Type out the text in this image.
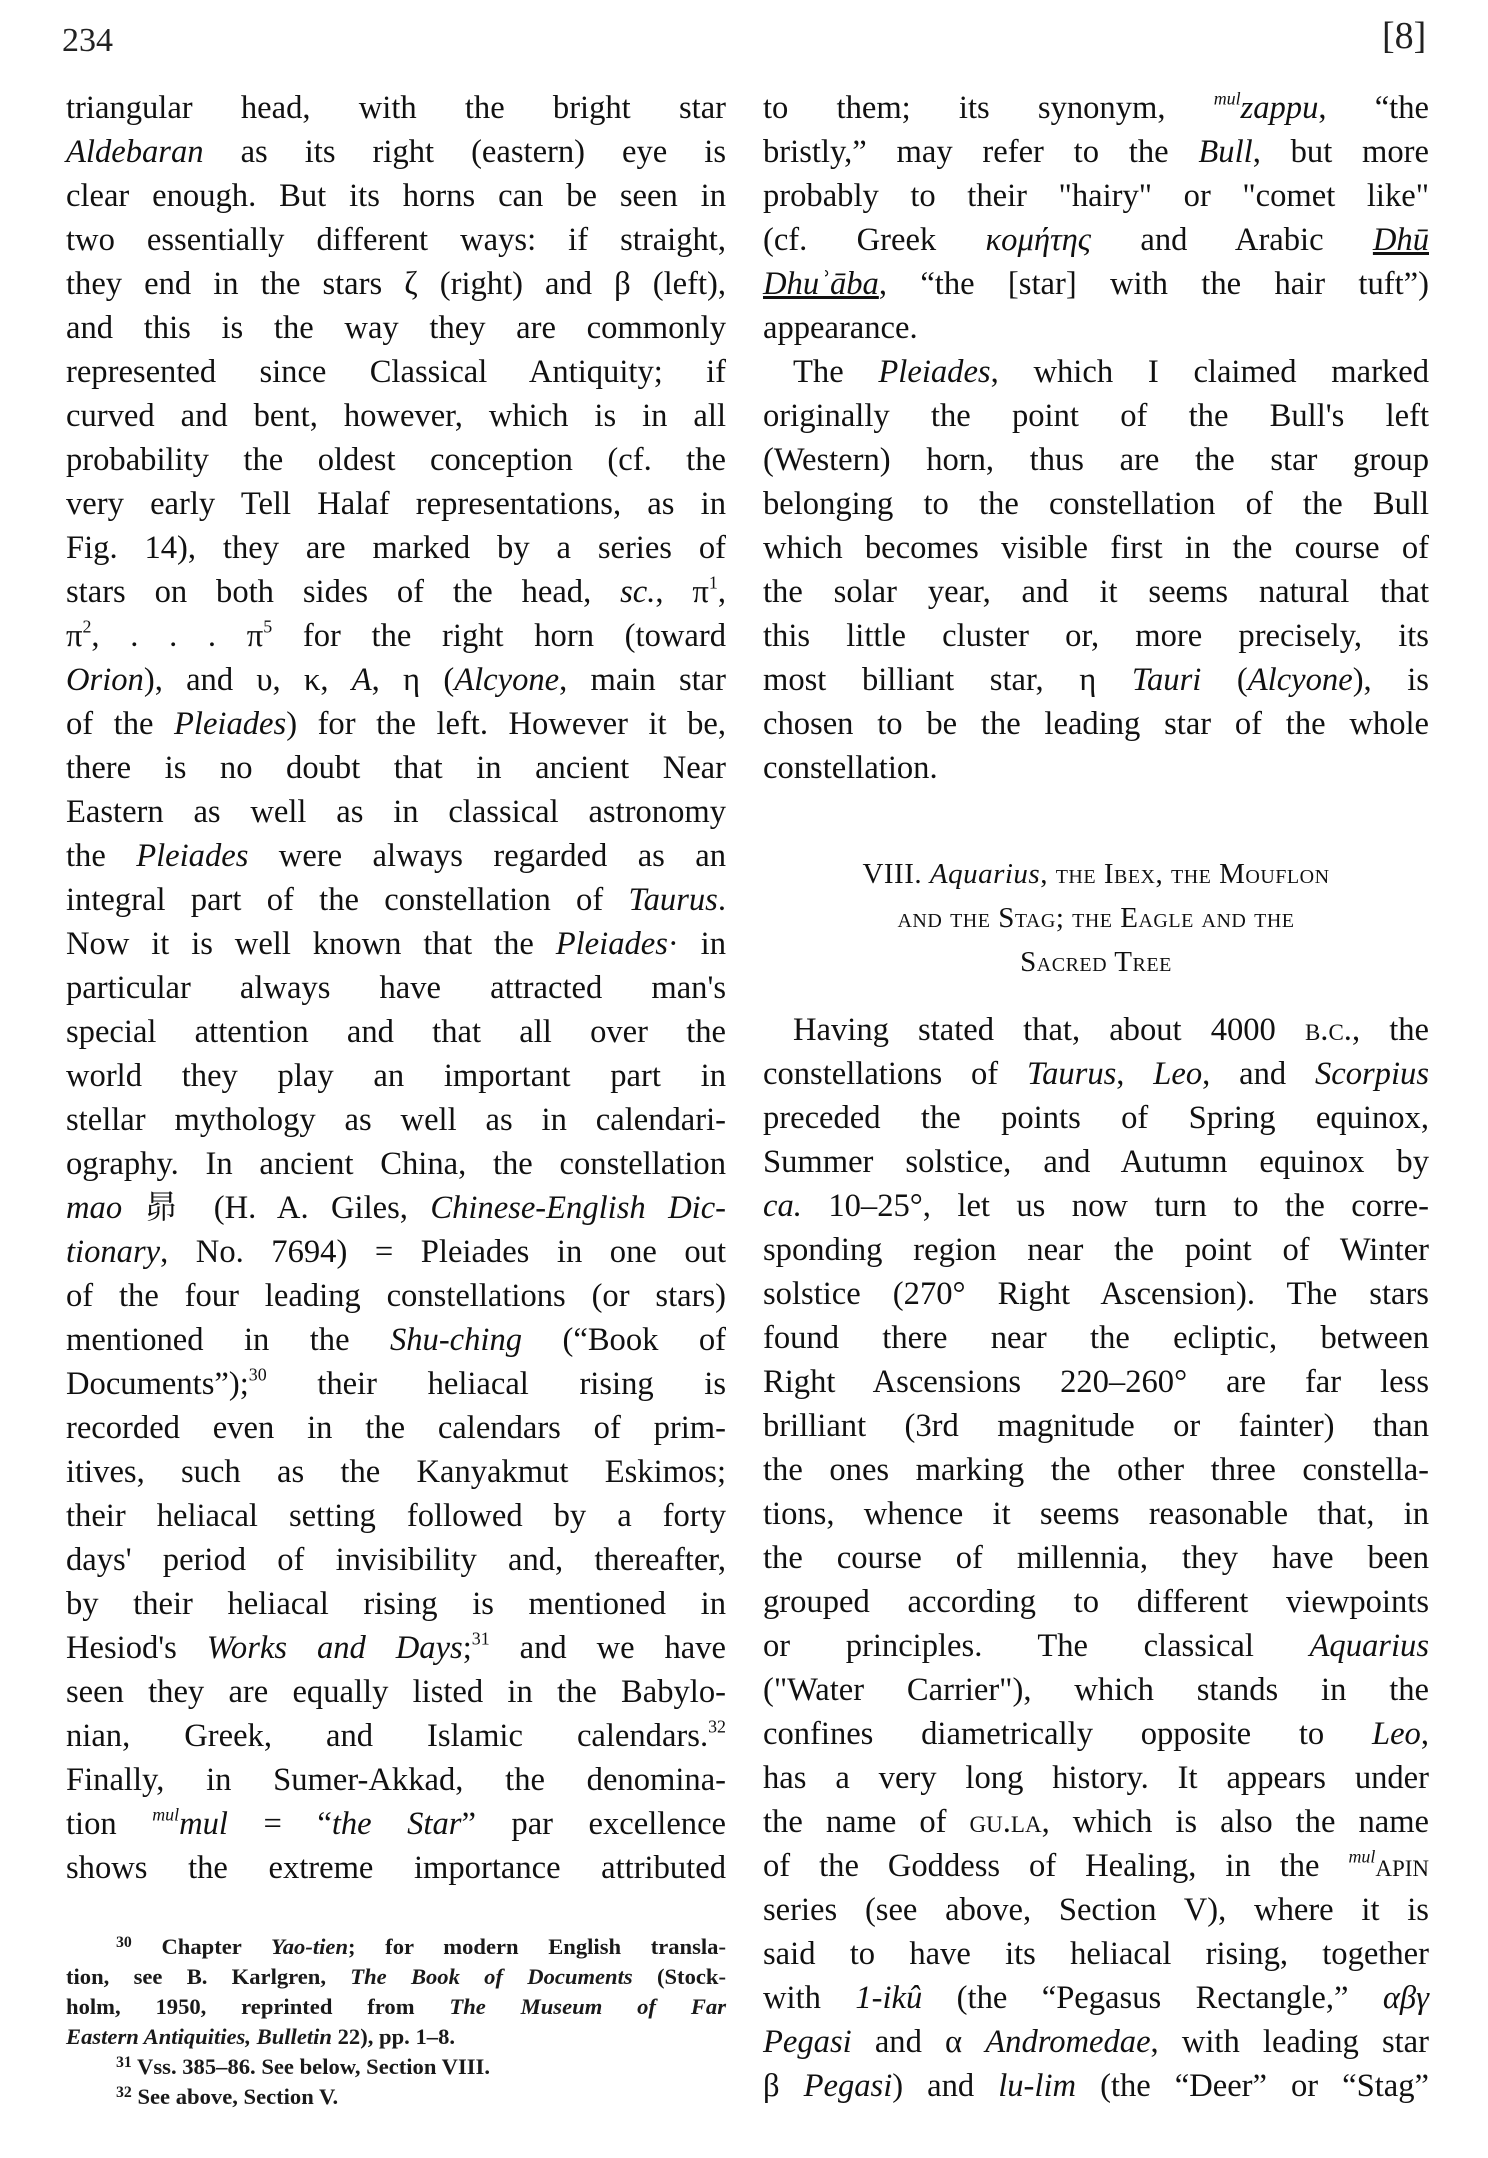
234	[8]
triangular head, with the bright star
Aldebaran as its right (eastern) eye is
clear enough. But its horns can be seen in
two essentially different ways: if straight,
they end in the stars ζ (right) and β (left),
and this is the way they are commonly
represented since Classical Antiquity; if
curved and bent, however, which is in all
probability the oldest conception (cf. the
very early Tell Halaf representations, as in
Fig. 14), they are marked by a series of
stars on both sides of the head, sc., $\pi^1$,
$\pi^2$, . . . $\pi^5$ for the right horn (toward
Orion), and υ, κ, A, η (Alcyone, main star
of the Pleiades) for the left. However it be,
there is no doubt that in ancient Near
Eastern as well as in classical astronomy
the Pleiades were always regarded as an
integral part of the constellation of Taurus.
Now it is well known that the Pleiades· in
particular always have attracted man's
special attention and that all over the
world they play an important part in
stellar mythology as well as in calendari-
ography. In ancient China, the constellation
mao 昴 (H. A. Giles, Chinese-English Dic-
tionary, No. 7694) = Pleiades in one out
of the four leading constellations (or stars)
mentioned in the Shu-ching (“Book of
Documents”);$^{30}$ their heliacal rising is
recorded even in the calendars of prim-
itives, such as the Kanyakmut Eskimos;
their heliacal setting followed by a forty
days' period of invisibility and, thereafter,
by their heliacal rising is mentioned in
Hesiod's Works and Days;$^{31}$ and we have
seen they are equally listed in the Babylo-
nian, Greek, and Islamic calendars.$^{32}$
Finally, in Sumer-Akkad, the denomina-
tion $^{mul}$mul = “the Star” par excellence
shows the extreme importance attributed
to them; its synonym, $^{mul}$zappu, “the
bristly,” may refer to the Bull, but more
probably to their "hairy" or "comet like"
(cf. Greek κομήτης and Arabic Dhū
Dhuʾāba, “the [star] with the hair tuft”)
appearance.
The Pleiades, which I claimed marked
originally the point of the Bull's left
(Western) horn, thus are the star group
belonging to the constellation of the Bull
which becomes visible first in the course of
the solar year, and it seems natural that
this little cluster or, more precisely, its
most billiant star, η Tauri (Alcyone), is
chosen to be the leading star of the whole
constellation.
VIII. Aquarius, the Ibex, the Mouflon
and the Stag; the Eagle and the
Sacred Tree
Having stated that, about 4000 b.c., the
constellations of Taurus, Leo, and Scorpius
preceded the points of Spring equinox,
Summer solstice, and Autumn equinox by
ca. 10–25°, let us now turn to the corre-
sponding region near the point of Winter
solstice (270° Right Ascension). The stars
found there near the ecliptic, between
Right Ascensions 220–260° are far less
brilliant (3rd magnitude or fainter) than
the ones marking the other three constella-
tions, whence it seems reasonable that, in
the course of millennia, they have been
grouped according to different viewpoints
or principles. The classical Aquarius
("Water Carrier"), which stands in the
confines diametrically opposite to Leo,
has a very long history. It appears under
the name of gu.la, which is also the name
of the Goddess of Healing, in the $^{mul}$apin
series (see above, Section V), where it is
said to have its heliacal rising, together
with 1-ikû (the “Pegasus Rectangle,” αβγ
Pegasi and α Andromedae, with leading star
β Pegasi) and lu-lim (the “Deer” or “Stag”
$^{30}$ Chapter Yao-tien; for modern English transla-
tion, see B. Karlgren, The Book of Documents (Stock-
holm, 1950, reprinted from The Museum of Far
Eastern Antiquities, Bulletin 22), pp. 1–8.
$^{31}$ Vss. 385–86. See below, Section VIII.
$^{32}$ See above, Section V.
